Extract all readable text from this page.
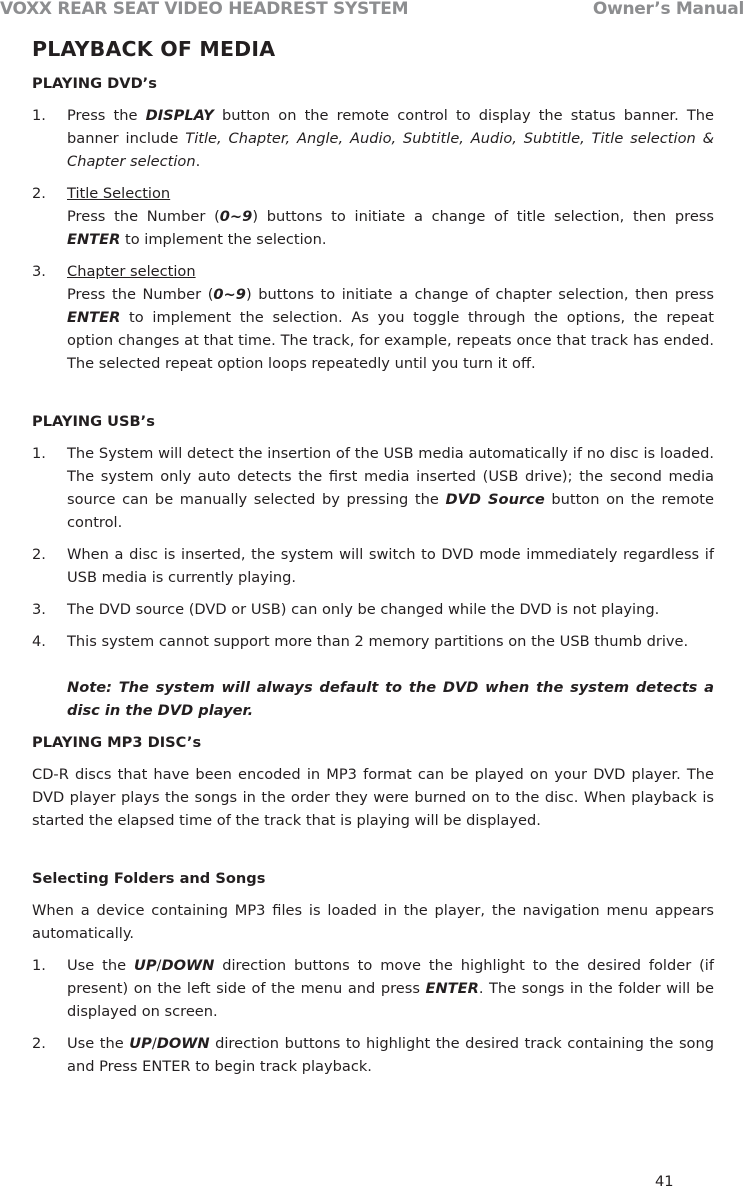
VOXX REAR SEAT VIDEO HEADREST SYSTEM	Owner’s Manual
PLAYBACK OF MEDIA
PLAYING DVD’s
1. Press the DISPLAY button on the remote control to display the status banner. The banner include Title, Chapter, Angle, Audio, Subtitle, Audio, Subtitle, Title selection & Chapter selection.
2. Title Selection
Press the Number (0~9) buttons to initiate a change of title selection, then press ENTER to implement the selection.
3. Chapter selection
Press the Number (0~9) buttons to initiate a change of chapter selection, then press ENTER to implement the selection. As you toggle through the options, the repeat option changes at that time. The track, for example, repeats once that track has ended. The selected repeat option loops repeatedly until you turn it off.
PLAYING USB’s
1. The System will detect the insertion of the USB media automatically if no disc is loaded. The system only auto detects the first media inserted (USB drive); the second media source can be manually selected by pressing the DVD Source button on the remote control.
2. When a disc is inserted, the system will switch to DVD mode immediately regardless if USB media is currently playing.
3. The DVD source (DVD or USB) can only be changed while the DVD is not playing.
4. This system cannot support more than 2 memory partitions on the USB thumb drive.
Note: The system will always default to the DVD when the system detects a disc in the DVD player.
PLAYING MP3 DISC’s
CD-R discs that have been encoded in MP3 format can be played on your DVD player. The DVD player plays the songs in the order they were burned on to the disc. When playback is started the elapsed time of the track that is playing will be displayed.
Selecting Folders and Songs
When a device containing MP3 files is loaded in the player, the navigation menu appears automatically.
1. Use the UP/DOWN direction buttons to move the highlight to the desired folder (if present) on the left side of the menu and press ENTER. The songs in the folder will be displayed on screen.
2. Use the UP/DOWN direction buttons to highlight the desired track containing the song and Press ENTER to begin track playback.
41
